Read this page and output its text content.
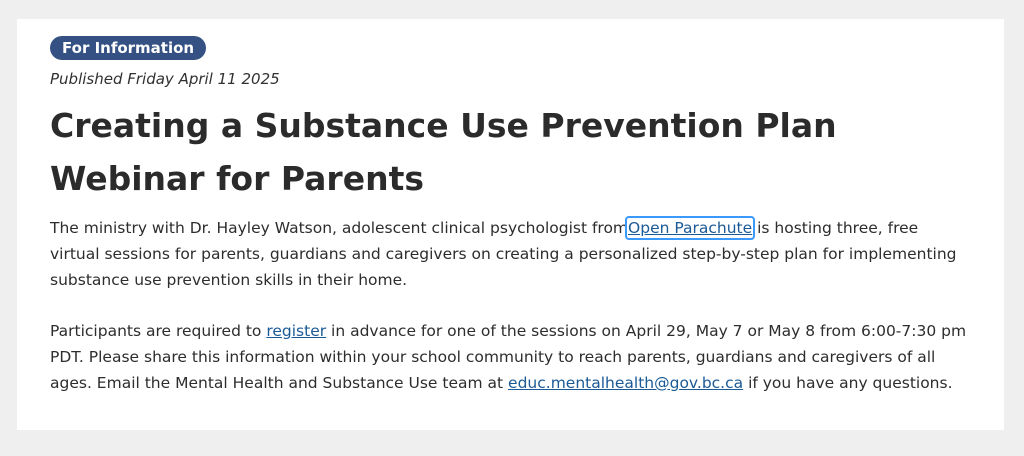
For Information
Published Friday April 11 2025
Creating a Substance Use Prevention Plan Webinar for Parents

The ministry with Dr. Hayley Watson, adolescent clinical psychologist fromOpen Parachute is hosting three, free virtual sessions for parents, guardians and caregivers on creating a personalized step-by-step plan for implementing substance use prevention skills in their home.

Participants are required to register in advance for one of the sessions on April 29, May 7 or May 8 from 6:00-7:30 pm PDT. Please share this information within your school community to reach parents, guardians and caregivers of all ages. Email the Mental Health and Substance Use team at educ.mentalhealth@gov.bc.ca if you have any questions.
